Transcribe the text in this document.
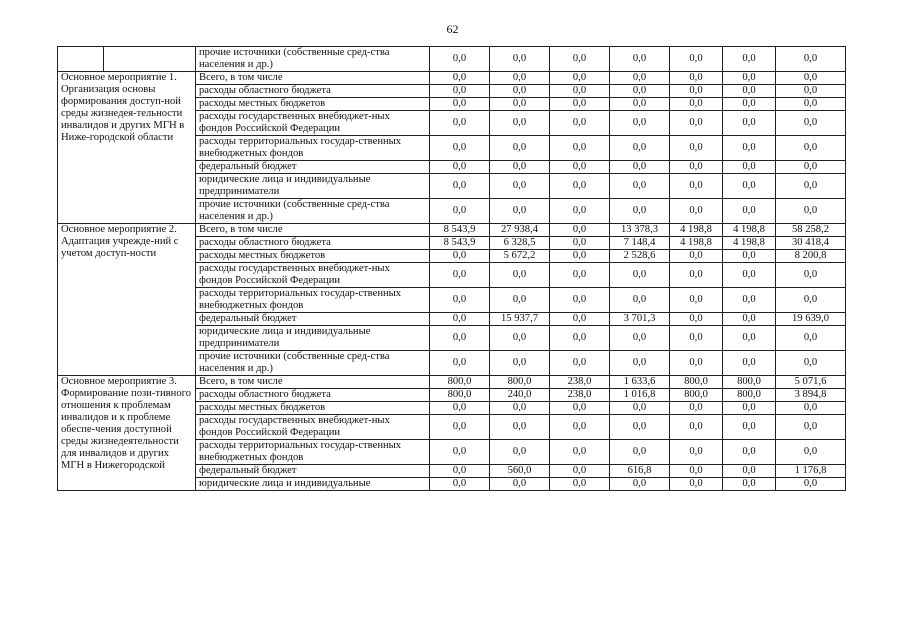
62
		прочие источники (собственные сред-ства населения и др.)	0,0	0,0	0,0	0,0	0,0	0,0	0,0
Основное мероприятие 1. Организация основы формирования доступ-ной среды жизнедея-тельности инвалидов и других МГН в Ниже-городской области		Всего, в том числе	0,0	0,0	0,0	0,0	0,0	0,0	0,0
		расходы областного бюджета	0,0	0,0	0,0	0,0	0,0	0,0	0,0
		расходы местных бюджетов	0,0	0,0	0,0	0,0	0,0	0,0	0,0
		расходы государственных внебюджет-ных фондов Российской Федерации	0,0	0,0	0,0	0,0	0,0	0,0	0,0
		расходы территориальных государ-ственных внебюджетных фондов	0,0	0,0	0,0	0,0	0,0	0,0	0,0
		федеральный бюджет	0,0	0,0	0,0	0,0	0,0	0,0	0,0
		юридические лица и индивидуальные предприниматели	0,0	0,0	0,0	0,0	0,0	0,0	0,0
		прочие источники (собственные сред-ства населения и др.)	0,0	0,0	0,0	0,0	0,0	0,0	0,0
Основное мероприятие 2. Адаптация учрежде-ний с учетом доступ-ности		Всего, в том числе	8 543,9	27 938,4	0,0	13 378,3	4 198,8	4 198,8	58 258,2
		расходы областного бюджета	8 543,9	6 328,5	0,0	7 148,4	4 198,8	4 198,8	30 418,4
		расходы местных бюджетов	0,0	5 672,2	0,0	2 528,6	0,0	0,0	8 200,8
		расходы государственных внебюджет-ных фондов Российской Федерации	0,0	0,0	0,0	0,0	0,0	0,0	0,0
		расходы территориальных государ-ственных внебюджетных фондов	0,0	0,0	0,0	0,0	0,0	0,0	0,0
		федеральный бюджет	0,0	15 937,7	0,0	3 701,3	0,0	0,0	19 639,0
		юридические лица и индивидуальные предприниматели	0,0	0,0	0,0	0,0	0,0	0,0	0,0
		прочие источники (собственные сред-ства населения и др.)	0,0	0,0	0,0	0,0	0,0	0,0	0,0
Основное мероприятие 3. Формирование пози-тивного отношения к проблемам инвалидов и к проблеме обеспе-чения доступной среды жизнедеятельности для инвалидов и других МГН в Нижегородской		Всего, в том числе	800,0	800,0	238,0	1 633,6	800,0	800,0	5 071,6
		расходы областного бюджета	800,0	240,0	238,0	1 016,8	800,0	800,0	3 894,8
		расходы местных бюджетов	0,0	0,0	0,0	0,0	0,0	0,0	0,0
		расходы государственных внебюджет-ных фондов Российской Федерации	0,0	0,0	0,0	0,0	0,0	0,0	0,0
		расходы территориальных государ-ственных внебюджетных фондов	0,0	0,0	0,0	0,0	0,0	0,0	0,0
		федеральный бюджет	0,0	560,0	0,0	616,8	0,0	0,0	1 176,8
		юридические лица и индивидуальные	0,0	0,0	0,0	0,0	0,0	0,0	0,0
